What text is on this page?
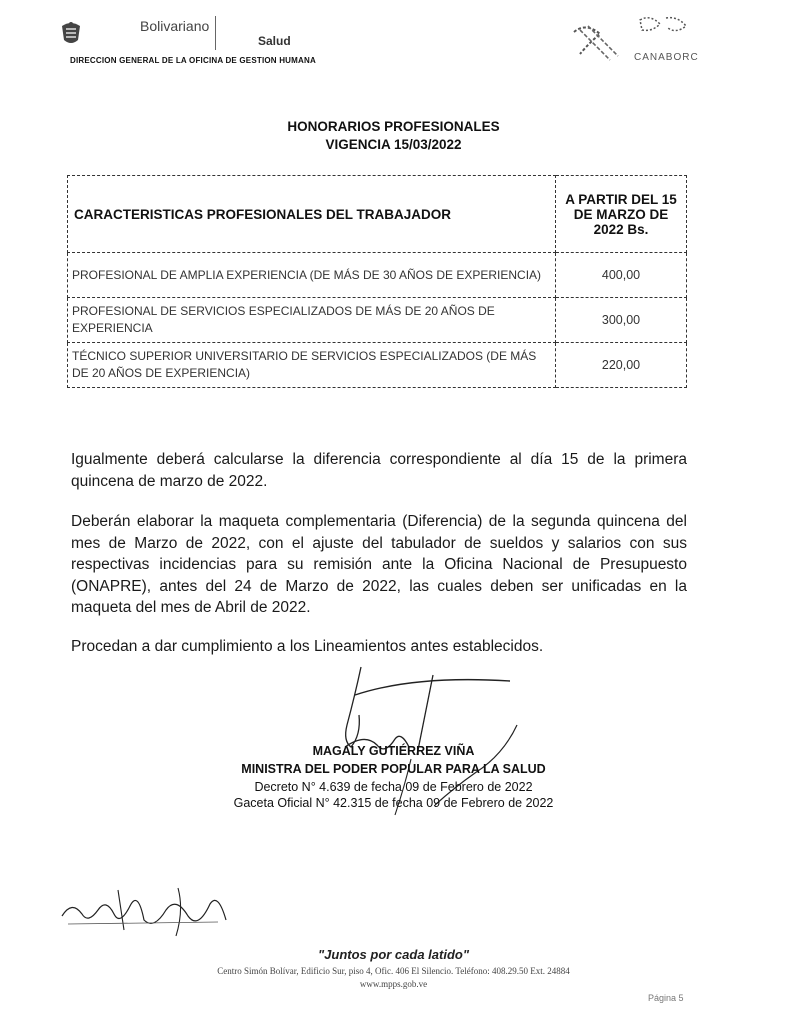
Bolivariano
Salud
DIRECCION GENERAL DE LA OFICINA DE GESTION HUMANA	CANABORC
HONORARIOS PROFESIONALES
VIGENCIA 15/03/2022
CARACTERISTICAS PROFESIONALES DEL TRABAJADOR	A PARTIR DEL 15 DE MARZO DE 2022 Bs.
PROFESIONAL DE AMPLIA EXPERIENCIA (DE MÁS DE 30 AÑOS DE EXPERIENCIA)	400,00
PROFESIONAL DE SERVICIOS ESPECIALIZADOS DE MÁS DE 20 AÑOS DE EXPERIENCIA	300,00
TÉCNICO SUPERIOR UNIVERSITARIO DE SERVICIOS ESPECIALIZADOS (DE MÁS DE 20 AÑOS DE EXPERIENCIA)	220,00
Igualmente deberá calcularse la diferencia correspondiente al día 15 de la primera quincena de marzo de 2022.
Deberán elaborar la maqueta complementaria (Diferencia) de la segunda quincena del mes de Marzo de 2022, con el ajuste del tabulador de sueldos y salarios con sus respectivas incidencias para su remisión ante la Oficina Nacional de Presupuesto (ONAPRE), antes del 24 de Marzo de 2022, las cuales deben ser unificadas en la maqueta del mes de Abril de 2022.
Procedan a dar cumplimiento a los Lineamientos antes establecidos.
MAGALY GUTIÉRREZ VIÑA
MINISTRA DEL PODER POPULAR PARA LA SALUD
Decreto N° 4.639 de fecha 09 de Febrero de 2022
Gaceta Oficial N° 42.315 de fecha 09 de Febrero de 2022
"Juntos por cada latido"
Centro Simón Bolívar, Edificio Sur, piso 4, Ofic. 406 El Silencio. Teléfono: 408.29.50 Ext. 24884
www.mpps.gob.ve
Página 5
